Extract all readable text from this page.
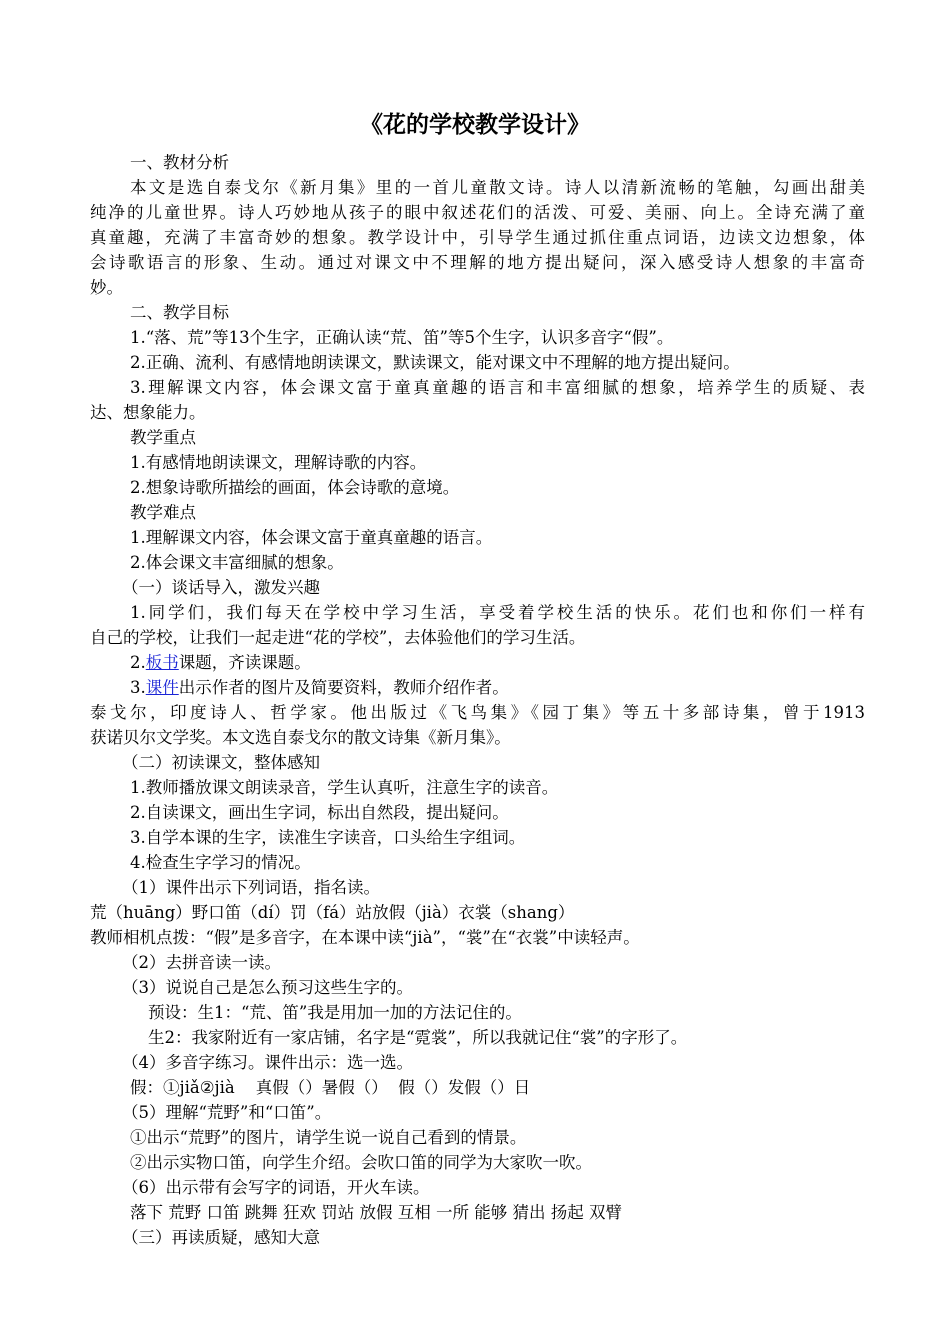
《花的学校教学设计》
一、教材分析
本文是选自泰戈尔《新月集》里的一首儿童散文诗。诗人以清新流畅的笔触，勾画出甜美
纯净的儿童世界。诗人巧妙地从孩子的眼中叙述花们的活泼、可爱、美丽、向上。全诗充满了童
真童趣，充满了丰富奇妙的想象。教学设计中，引导学生通过抓住重点词语，边读文边想象，体
会诗歌语言的形象、生动。通过对课文中不理解的地方提出疑问，深入感受诗人想象的丰富奇
妙。
二、教学目标
1.“落、荒”等13个生字，正确认读“荒、笛”等5个生字，认识多音字“假”。
2.正确、流利、有感情地朗读课文，默读课文，能对课文中不理解的地方提出疑问。
3.理解课文内容，体会课文富于童真童趣的语言和丰富细腻的想象，培养学生的质疑、表
达、想象能力。
教学重点
1.有感情地朗读课文，理解诗歌的内容。
2.想象诗歌所描绘的画面，体会诗歌的意境。
教学难点
1.理解课文内容，体会课文富于童真童趣的语言。
2.体会课文丰富细腻的想象。
（一）谈话导入，激发兴趣
1.同学们，我们每天在学校中学习生活，享受着学校生活的快乐。花们也和你们一样有
自己的学校，让我们一起走进“花的学校”，去体验他们的学习生活。
2.板书课题，齐读课题。
3.课件出示作者的图片及简要资料，教师介绍作者。
泰戈尔，印度诗人、哲学家。他出版过《飞鸟集》《园丁集》等五十多部诗集，曾于1913
获诺贝尔文学奖。本文选自泰戈尔的散文诗集《新月集》。
（二）初读课文，整体感知
1.教师播放课文朗读录音，学生认真听，注意生字的读音。
2.自读课文，画出生字词，标出自然段，提出疑问。
3.自学本课的生字，读准生字读音，口头给生字组词。
4.检查生字学习的情况。
（1）课件出示下列词语，指名读。
荒（huāng）野口笛（dí）罚（fá）站放假（jià）衣裳（shang）
教师相机点拨：“假”是多音字，在本课中读“jià”，“裳”在“衣裳”中读轻声。
（2）去拼音读一读。
（3）说说自己是怎么预习这些生字的。
预设：生1：“荒、笛”我是用加一加的方法记住的。
生2：我家附近有一家店铺，名字是“霓裳”，所以我就记住“裳”的字形了。
（4）多音字练习。课件出示：选一选。
假：①jiǎ②jià    真假（）暑假（）  假（）发假（）日
（5）理解“荒野”和“口笛”。
①出示“荒野”的图片，请学生说一说自己看到的情景。
②出示实物口笛，向学生介绍。会吹口笛的同学为大家吹一吹。
（6）出示带有会写字的词语，开火车读。
落下 荒野 口笛 跳舞 狂欢 罚站 放假 互相 一所 能够 猜出 扬起 双臂
（三）再读质疑，感知大意
